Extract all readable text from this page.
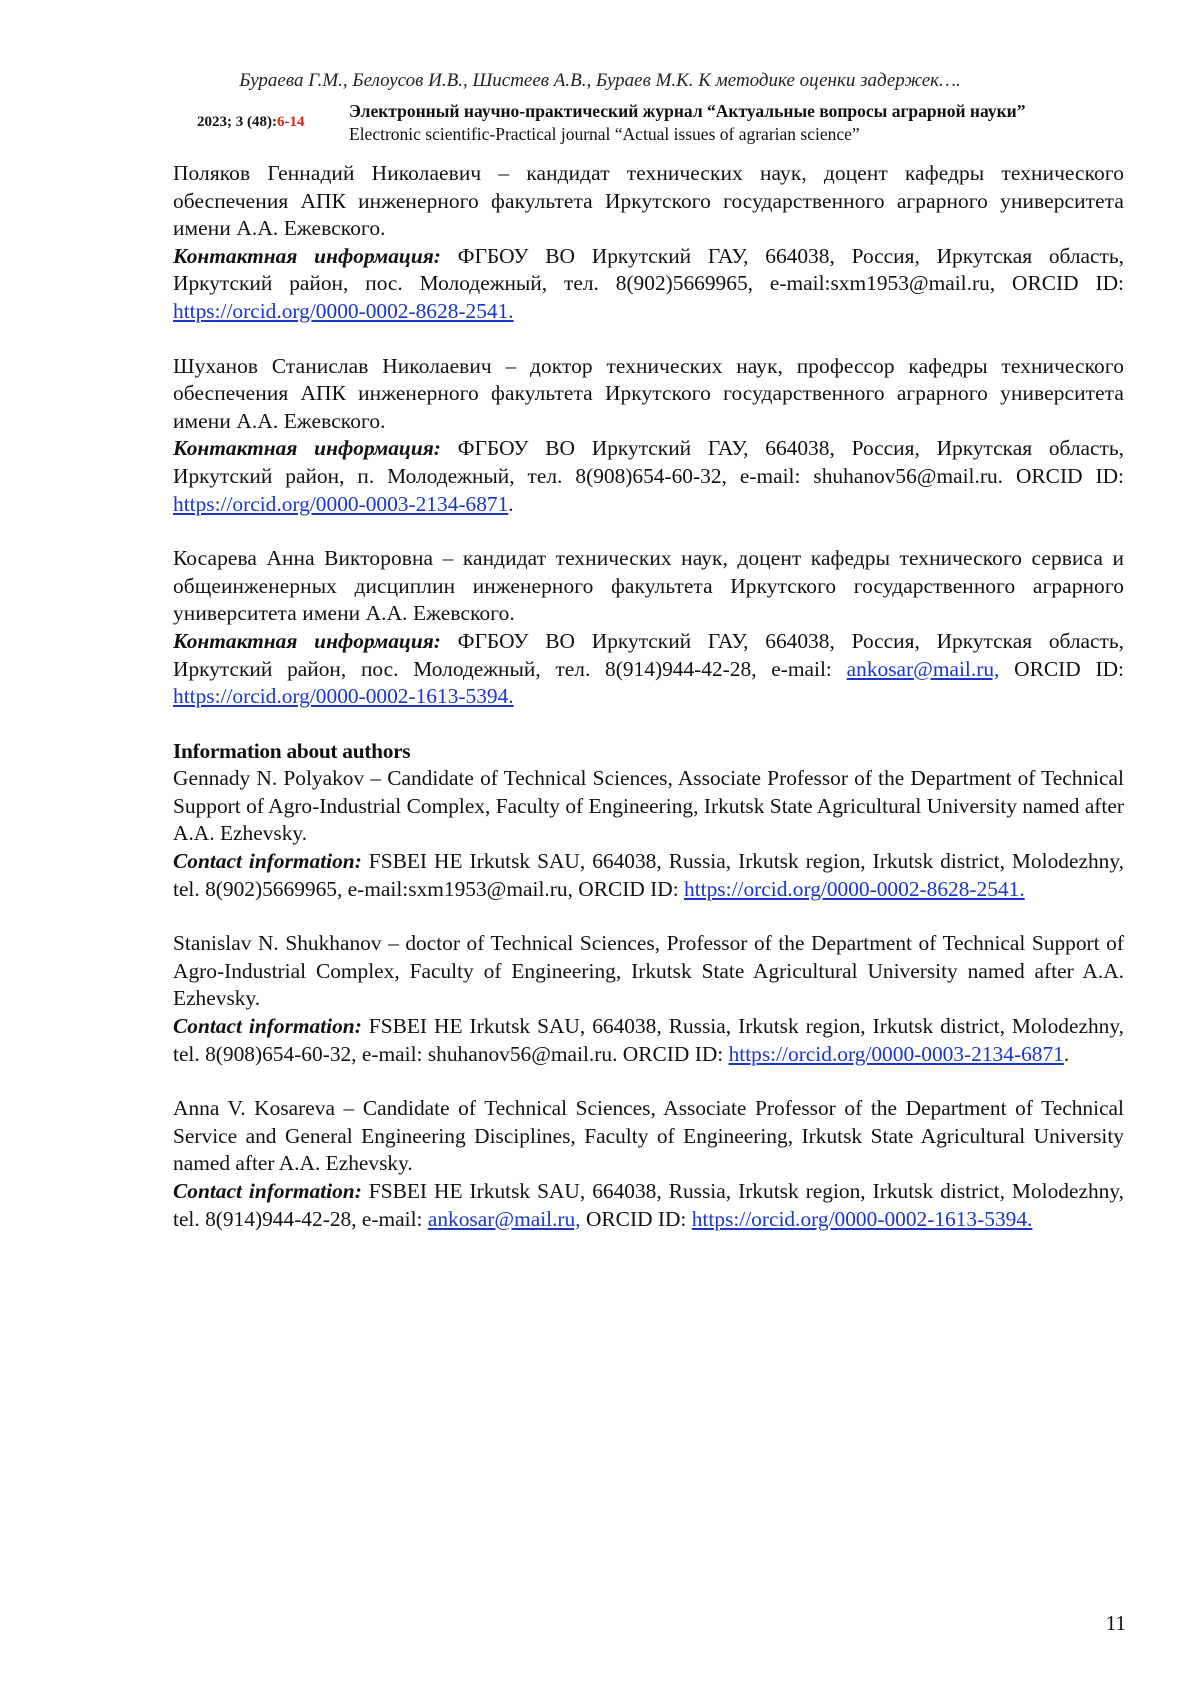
Бураева Г.М., Белоусов И.В., Шистеев А.В., Бураев М.К. К методике оценки задержек….
2023; 3 (48):6-14
Электронный научно-практический журнал “Актуальные вопросы аграрной науки”
Electronic scientific-Practical journal “Actual issues of agrarian science”

Поляков Геннадий Николаевич – кандидат технических наук, доцент кафедры технического обеспечения АПК инженерного факультета Иркутского государственного аграрного университета имени А.А. Ежевского.

Контактная информация: ФГБОУ ВО Иркутский ГАУ, 664038, Россия, Иркутская область, Иркутский район, пос. Молодежный, тел. 8(902)5669965, e-mail:sxm1953@mail.ru, ORCID ID: https://orcid.org/0000-0002-8628-2541.

Шуханов Станислав Николаевич – доктор технических наук, профессор кафедры технического обеспечения АПК инженерного факультета Иркутского государственного аграрного университета имени А.А. Ежевского.

Контактная информация: ФГБОУ ВО Иркутский ГАУ, 664038, Россия, Иркутская область, Иркутский район, п. Молодежный, тел. 8(908)654-60-32, e-mail: shuhanov56@mail.ru. ORCID ID: https://orcid.org/0000-0003-2134-6871.

Косарева Анна Викторовна – кандидат технических наук, доцент кафедры технического сервиса и общеинженерных дисциплин инженерного факультета Иркутского государственного аграрного университета имени А.А. Ежевского.

Контактная информация: ФГБОУ ВО Иркутский ГАУ, 664038, Россия, Иркутская область, Иркутский район, пос. Молодежный, тел. 8(914)944-42-28, e-mail: ankosar@mail.ru, ORCID ID: https://orcid.org/0000-0002-1613-5394.

Information about authors

Gennady N. Polyakov – Candidate of Technical Sciences, Associate Professor of the Department of Technical Support of Agro-Industrial Complex, Faculty of Engineering, Irkutsk State Agricultural University named after A.A. Ezhevsky.

Contact information: FSBEI HE Irkutsk SAU, 664038, Russia, Irkutsk region, Irkutsk district, Molodezhny, tel. 8(902)5669965, e-mail:sxm1953@mail.ru, ORCID ID: https://orcid.org/0000-0002-8628-2541.

Stanislav N. Shukhanov – doctor of Technical Sciences, Professor of the Department of Technical Support of Agro-Industrial Complex, Faculty of Engineering, Irkutsk State Agricultural University named after A.A. Ezhevsky.

Contact information: FSBEI HE Irkutsk SAU, 664038, Russia, Irkutsk region, Irkutsk district, Molodezhny, tel. 8(908)654-60-32, e-mail: shuhanov56@mail.ru. ORCID ID: https://orcid.org/0000-0003-2134-6871.

Anna V. Kosareva – Candidate of Technical Sciences, Associate Professor of the Department of Technical Service and General Engineering Disciplines, Faculty of Engineering, Irkutsk State Agricultural University named after A.A. Ezhevsky.

Contact information: FSBEI HE Irkutsk SAU, 664038, Russia, Irkutsk region, Irkutsk district, Molodezhny, tel. 8(914)944-42-28, e-mail: ankosar@mail.ru, ORCID ID: https://orcid.org/0000-0002-1613-5394.

11
